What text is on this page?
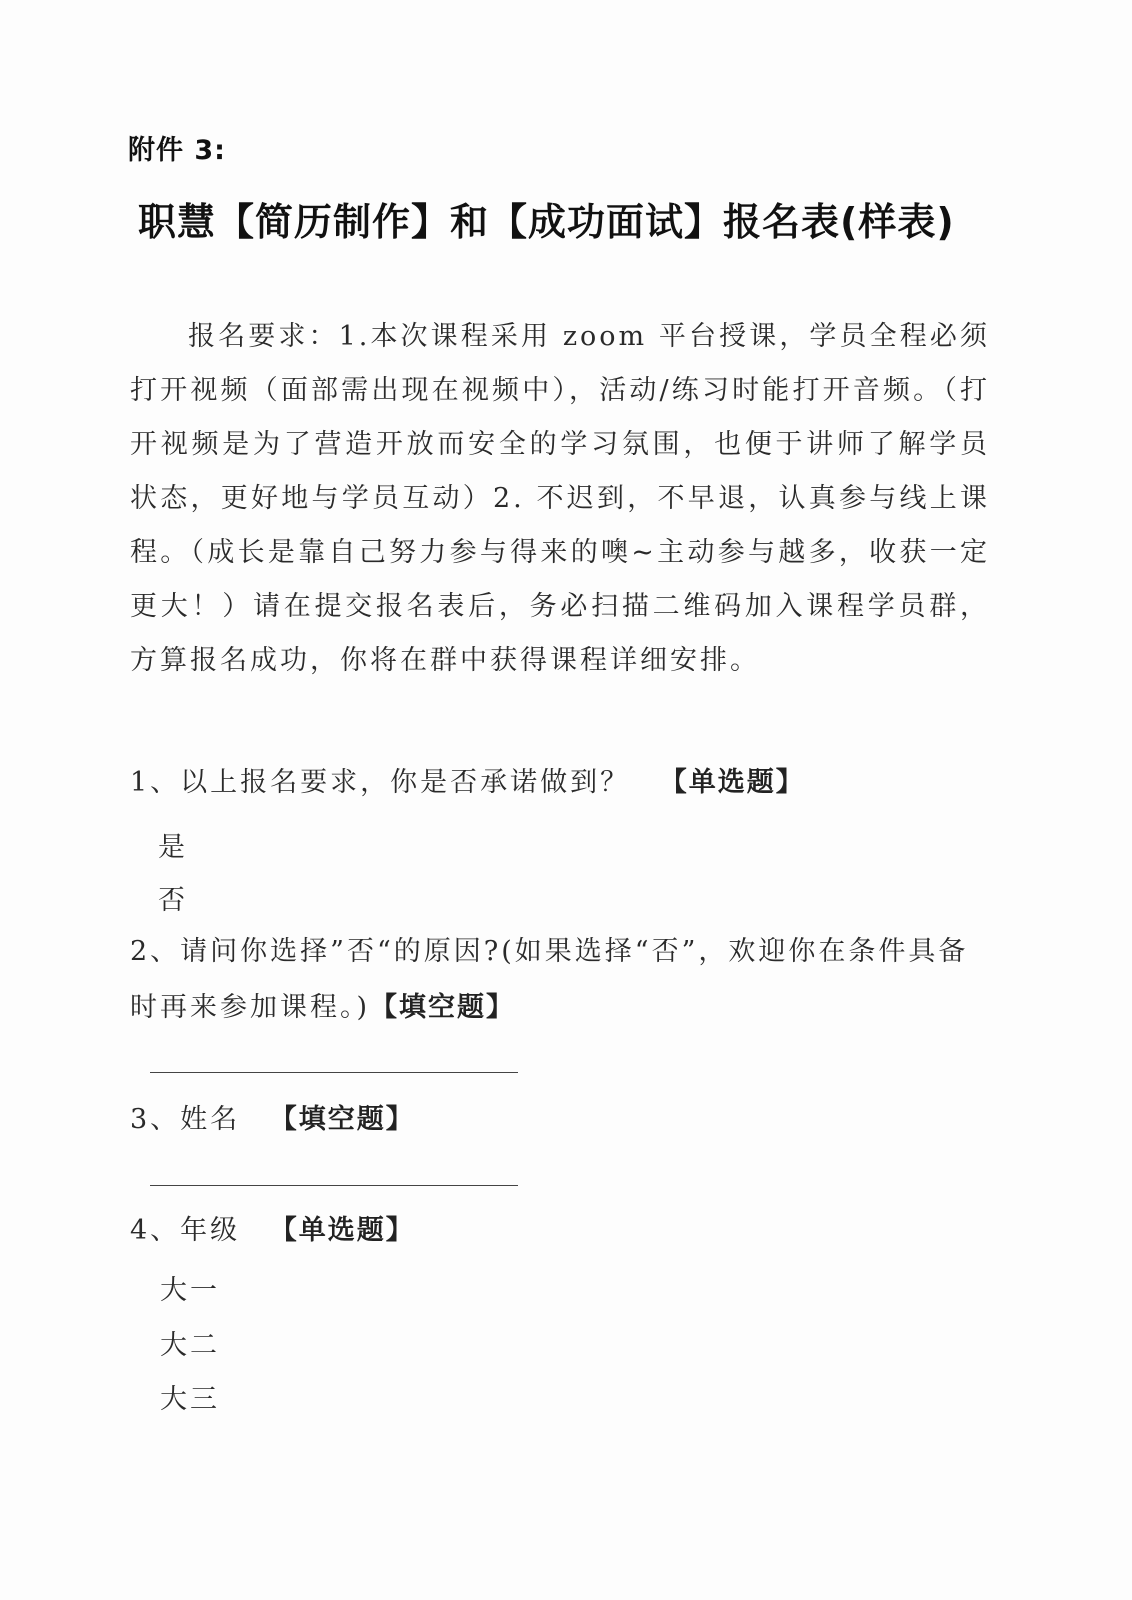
附件 3:
职慧【简历制作】和【成功面试】报名表(样表)
报名要求：1.本次课程采用 zoom 平台授课，学员全程必须打开视频（面部需出现在视频中），活动/练习时能打开音频。（打开视频是为了营造开放而安全的学习氛围，也便于讲师了解学员状态，更好地与学员互动）2. 不迟到，不早退，认真参与线上课程。（成长是靠自己努力参与得来的噢~主动参与越多，收获一定更大！）请在提交报名表后，务必扫描二维码加入课程学员群，方算报名成功，你将在群中获得课程详细安排。
1、以上报名要求，你是否承诺做到？ 【单选题】
是
否
2、请问你选择”否“的原因?(如果选择“否”，欢迎你在条件具备时再来参加课程。)【填空题】
3、姓名 【填空题】
4、年级 【单选题】
大一
大二
大三
